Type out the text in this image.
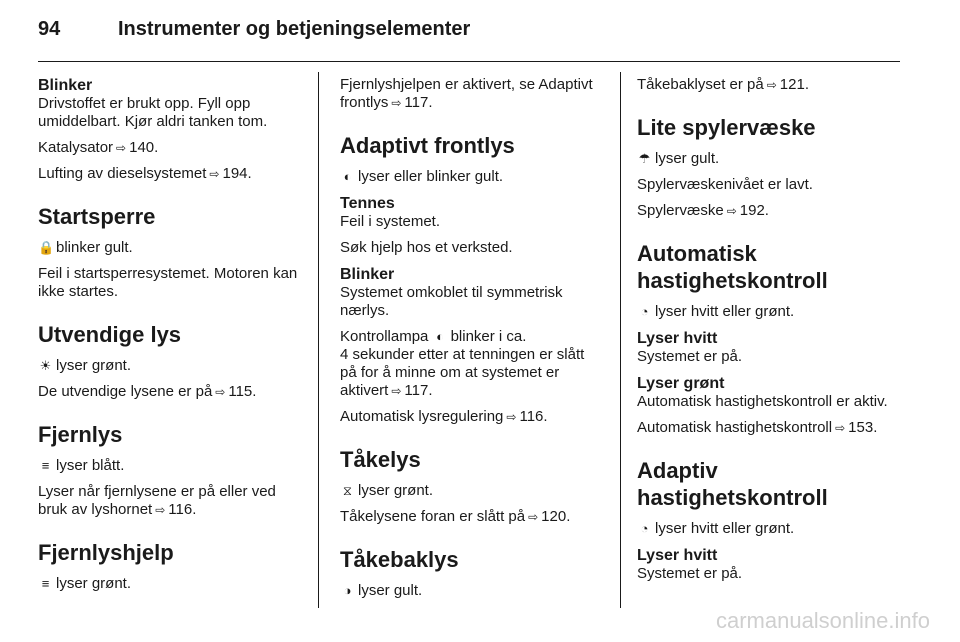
94	Instrumenter og betjeningselementer
Blinker

Drivstoffet er brukt opp. Fyll opp umiddelbart. Kjør aldri tanken tom.

Katalysator ⇨ 140.

Lufting av dieselsystemet ⇨ 194.

Startsperre

🔒 blinker gult.

Feil i startsperresystemet. Motoren kan ikke startes.

Utvendige lys

☀ lyser grønt.

De utvendige lysene er på ⇨ 115.

Fjernlys

≡ lyser blått.

Lyser når fjernlysene er på eller ved bruk av lyshornet ⇨ 116.

Fjernlyshjelp

≡ lyser grønt.

Fjernlyshjelpen er aktivert, se Adaptivt frontlys ⇨ 117.

Adaptivt frontlys

◐ lyser eller blinker gult.

Tennes

Feil i systemet.

Søk hjelp hos et verksted.

Blinker

Systemet omkoblet til symmetrisk nærlys.

Kontrollampa ◐ blinker i ca.

4 sekunder etter at tenningen er slått på for å minne om at systemet er aktivert ⇨ 117.

Automatisk lysregulering ⇨ 116.

Tåkelys

⧖ lyser grønt.

Tåkelysene foran er slått på ⇨ 120.

Tåkebaklys

◑ lyser gult.

Tåkebaklyset er på ⇨ 121.

Lite spylervæske

☂ lyser gult.

Spylervæskenivået er lavt.

Spylervæske ⇨ 192.

Automatisk hastighetskontroll

◔ lyser hvitt eller grønt.

Lyser hvitt

Systemet er på.

Lyser grønt

Automatisk hastighetskontroll er aktiv.

Automatisk hastighetskontroll ⇨ 153.

Adaptiv hastighetskontroll

◔ lyser hvitt eller grønt.

Lyser hvitt

Systemet er på.

carmanualsonline.info
